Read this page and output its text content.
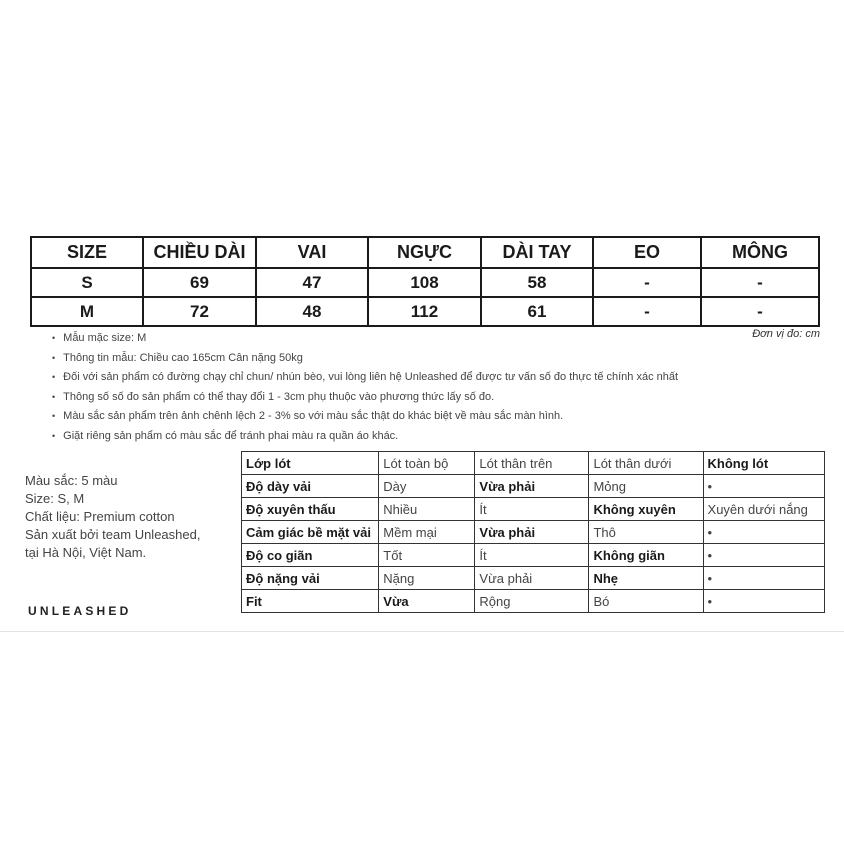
SIZE	CHIỀU DÀI	VAI	NGỰC	DÀI TAY	EO	MÔNG
S	69	47	108	58	-	-
M	72	48	112	61	-	-
Đơn vị đo: cm
• Mẫu mặc size: M
• Thông tin mẫu: Chiều cao 165cm Cân nặng 50kg
• Đối với sản phẩm có đường chạy chỉ chun/ nhún bèo, vui lòng liên hệ Unleashed để được tư vấn số đo thực tế chính xác nhất
• Thông số số đo sản phẩm có thể thay đổi 1 - 3cm phụ thuộc vào phương thức lấy số đo.
• Màu sắc sản phẩm trên ảnh chênh lệch 2 - 3% so với màu sắc thật do khác biệt về màu sắc màn hình.
• Giặt riêng sản phẩm có màu sắc để tránh phai màu ra quần áo khác.
Màu sắc: 5 màu
Size: S, M
Chất liệu: Premium cotton
Sản xuất bởi team Unleashed,
tại Hà Nội, Việt Nam.
UNLEASHED
Lớp lót	Lót toàn bộ	Lót thân trên	Lót thân dưới	Không lót
Độ dày vải	Dày	Vừa phải	Mỏng	•
Độ xuyên thấu	Nhiều	Ít	Không xuyên	Xuyên dưới nắng
Cảm giác bề mặt vải	Mềm mại	Vừa phải	Thô	•
Độ co giãn	Tốt	Ít	Không giãn	•
Độ nặng vải	Nặng	Vừa phải	Nhẹ	•
Fit	Vừa	Rộng	Bó	•
